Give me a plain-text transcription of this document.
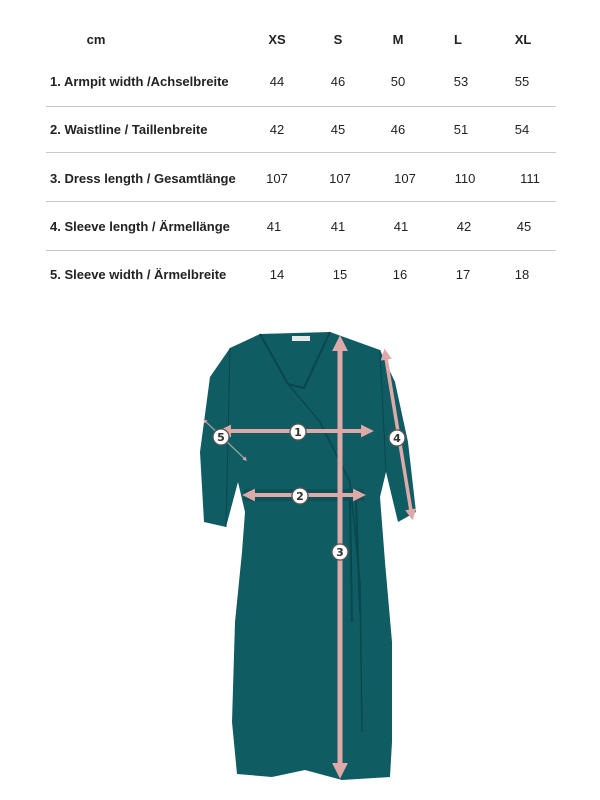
cm	XS	S	M	L	XL
1. Armpit width /Achselbreite	44	46	50	53	55
2. Waistline / Taillenbreite	42	45	46	51	54
3. Dress length / Gesamtlänge	107	107	107	110	111
4. Sleeve length / Ärmellänge	41	41	41	42	45
5. Sleeve width / Ärmelbreite	14	15	16	17	18
1
2
3
4
5
